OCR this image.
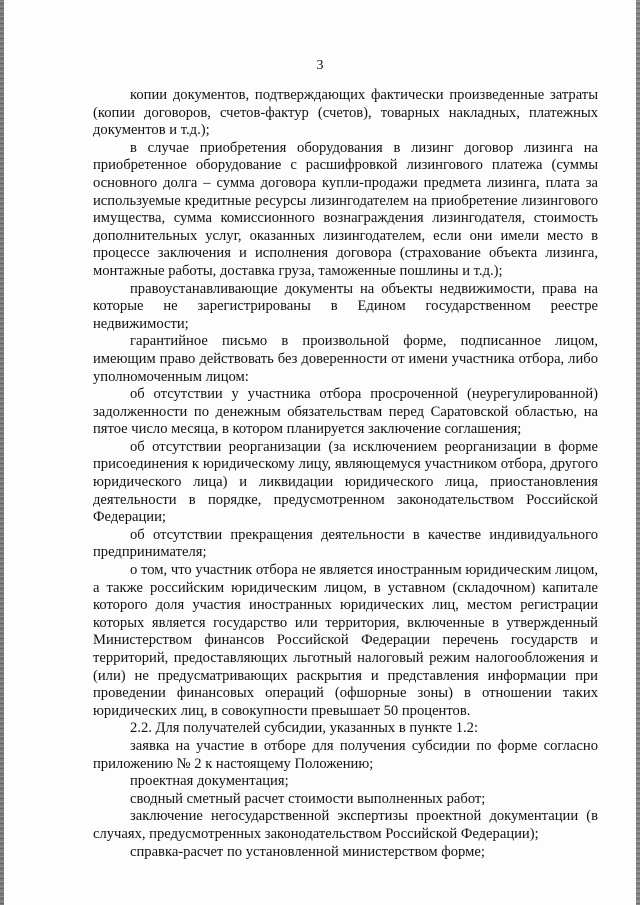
3

копии документов, подтверждающих фактически произведенные затраты (копии договоров, счетов-фактур (счетов), товарных накладных, платежных документов и т.д.);

в случае приобретения оборудования в лизинг договор лизинга на приобретенное оборудование с расшифровкой лизингового платежа (суммы основного долга – сумма договора купли-продажи предмета лизинга, плата за используемые кредитные ресурсы лизингодателем на приобретение лизингового имущества, сумма комиссионного вознаграждения лизингодателя, стоимость дополнительных услуг, оказанных лизингодателем, если они имели место в процессе заключения и исполнения договора (страхование объекта лизинга, монтажные работы, доставка груза, таможенные пошлины и т.д.);

правоустанавливающие документы на объекты недвижимости, права на которые не зарегистрированы в Едином государственном реестре недвижимости;

гарантийное письмо в произвольной форме, подписанное лицом, имеющим право действовать без доверенности от имени участника отбора, либо уполномоченным лицом:

об отсутствии у участника отбора просроченной (неурегулированной) задолженности по денежным обязательствам перед Саратовской областью, на пятое число месяца, в котором планируется заключение соглашения;

об отсутствии реорганизации (за исключением реорганизации в форме присоединения к юридическому лицу, являющемуся участником отбора, другого юридического лица) и ликвидации юридического лица, приостановления деятельности в порядке, предусмотренном законодательством Российской Федерации;

об отсутствии прекращения деятельности в качестве индивидуального предпринимателя;

о том, что участник отбора не является иностранным юридическим лицом, а также российским юридическим лицом, в уставном (складочном) капитале которого доля участия иностранных юридических лиц, местом регистрации которых является государство или территория, включенные в утвержденный Министерством финансов Российской Федерации перечень государств и территорий, предоставляющих льготный налоговый режим налогообложения и (или) не предусматривающих раскрытия и представления информации при проведении финансовых операций (офшорные зоны) в отношении таких юридических лиц, в совокупности превышает 50 процентов.

2.2. Для получателей субсидии, указанных в пункте 1.2:

заявка на участие в отборе для получения субсидии по форме согласно приложению № 2 к настоящему Положению;

проектная документация;

сводный сметный расчет стоимости выполненных работ;

заключение негосударственной экспертизы проектной документации (в случаях, предусмотренных законодательством Российской Федерации);

справка-расчет по установленной министерством форме;
